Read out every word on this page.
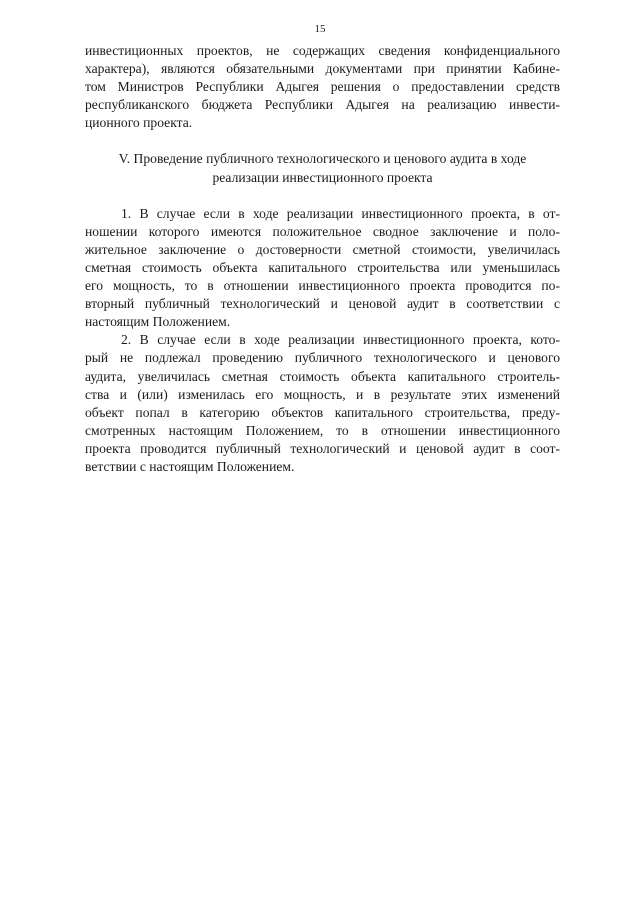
15
инвестиционных проектов, не содержащих сведения конфиденциального
характера), являются обязательными документами при принятии Кабине-
том Министров Республики Адыгея решения о предоставлении средств
республиканского бюджета Республики Адыгея на реализацию инвести-
ционного проекта.
V. Проведение публичного технологического и ценового аудита в ходе
реализации инвестиционного проекта
1. В случае если в ходе реализации инвестиционного проекта, в от-
ношении которого имеются положительное сводное заключение и поло-
жительное заключение о достоверности сметной стоимости, увеличилась
сметная стоимость объекта капитального строительства или уменьшилась
его мощность, то в отношении инвестиционного проекта проводится по-
вторный публичный технологический и ценовой аудит в соответствии с
настоящим Положением.
2. В случае если в ходе реализации инвестиционного проекта, кото-
рый не подлежал проведению публичного технологического и ценового
аудита, увеличилась сметная стоимость объекта капитального строитель-
ства и (или) изменилась его мощность, и в результате этих изменений
объект попал в категорию объектов капитального строительства, преду-
смотренных настоящим Положением, то в отношении инвестиционного
проекта проводится публичный технологический и ценовой аудит в соот-
ветствии с настоящим Положением.
